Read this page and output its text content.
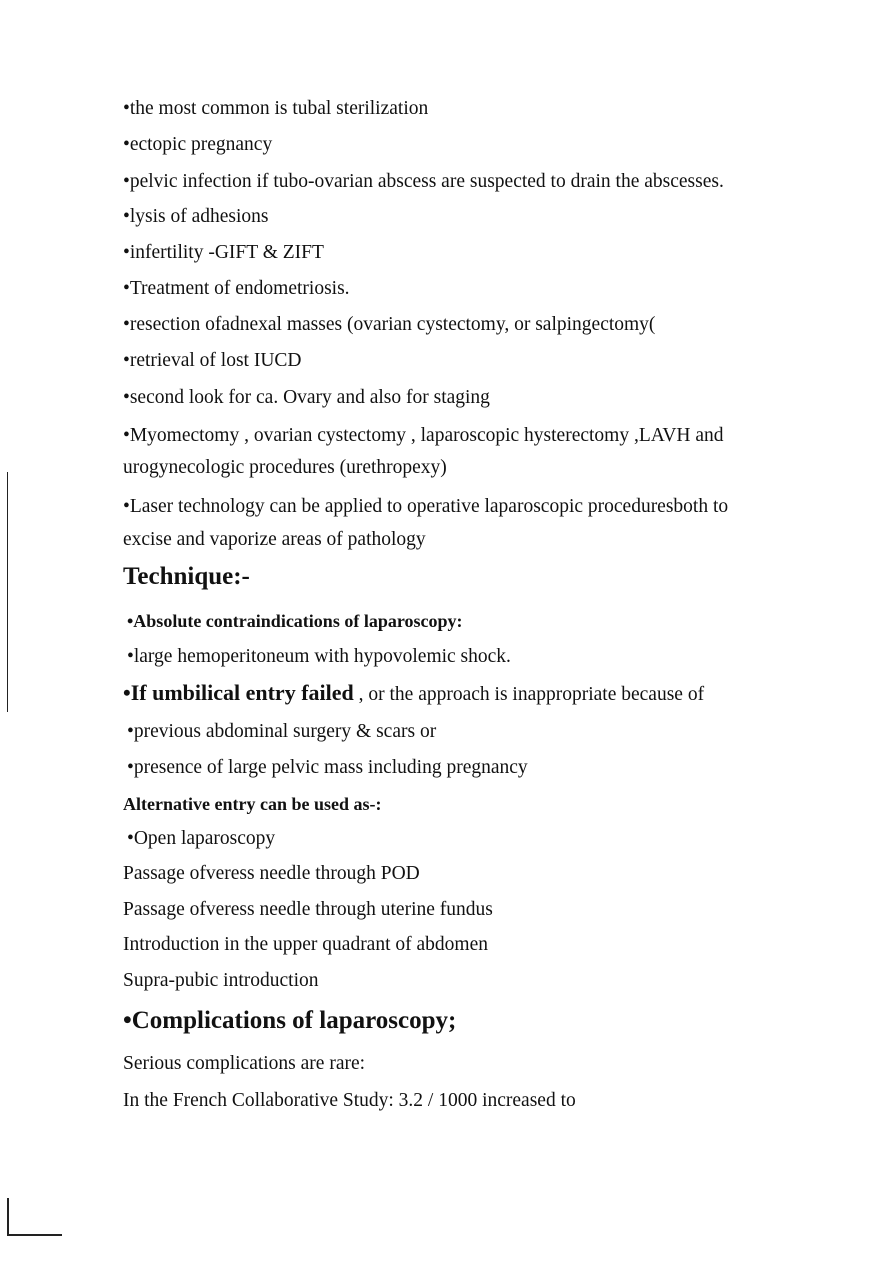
•the most common is tubal sterilization
•ectopic pregnancy
•pelvic infection if tubo-ovarian abscess are suspected to drain the abscesses.
•lysis of adhesions
•infertility -GIFT & ZIFT
•Treatment of endometriosis.
•resection ofadnexal masses (ovarian cystectomy, or salpingectomy(
•retrieval of lost IUCD
•second look for ca. Ovary and also for staging
•Myomectomy , ovarian cystectomy , laparoscopic hysterectomy ,LAVH and
urogynecologic procedures (urethropexy)
•Laser technology can be applied to operative laparoscopic proceduresboth to
excise and vaporize areas of pathology
Technique:-
•Absolute contraindications of laparoscopy:
•large hemoperitoneum with hypovolemic shock.
•If umbilical entry failed , or the approach is inappropriate because of
•previous abdominal surgery & scars or
•presence of large pelvic mass including pregnancy
Alternative entry can be used as-:
•Open laparoscopy
Passage ofveress needle through POD
Passage ofveress needle through uterine fundus
Introduction in the upper quadrant of abdomen
Supra-pubic introduction
•Complications of laparoscopy;
Serious complications are rare:
In the French Collaborative Study: 3.2 / 1000 increased to
